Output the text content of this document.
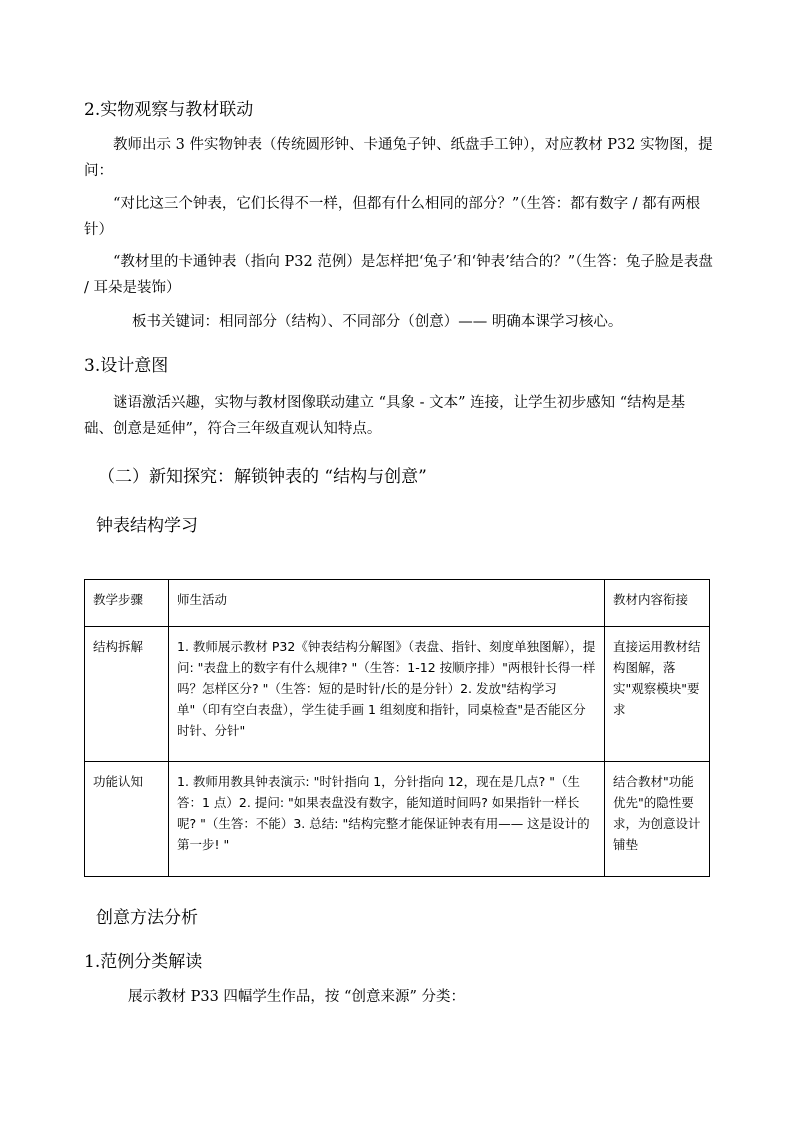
2.实物观察与教材联动
教师出示 3 件实物钟表（传统圆形钟、卡通兔子钟、纸盘手工钟），对应教材 P32 实物图，提问：
“对比这三个钟表，它们长得不一样，但都有什么相同的部分？”（生答：都有数字 / 都有两根针）
“教材里的卡通钟表（指向 P32 范例）是怎样把‘兔子’和‘钟表’结合的？”（生答：兔子脸是表盘 / 耳朵是装饰）
板书关键词：相同部分（结构）、不同部分（创意）—— 明确本课学习核心。
3.设计意图
谜语激活兴趣，实物与教材图像联动建立 “具象 - 文本” 连接，让学生初步感知 “结构是基础、创意是延伸”，符合三年级直观认知特点。
（二）新知探究：解锁钟表的 “结构与创意”
钟表结构学习
教学步骤	师生活动	教材内容衔接
结构拆解	1. 教师展示教材 P32《钟表结构分解图》（表盘、指针、刻度单独图解），提问: "表盘上的数字有什么规律? "（生答：1-12 按顺序排）"两根针长得一样吗？怎样区分? "（生答：短的是时针/长的是分针）2. 发放"结构学习单"（印有空白表盘），学生徒手画 1 组刻度和指针，同桌检查"是否能区分时针、分针"	直接运用教材结构图解，落实"观察模块"要求
功能认知	1. 教师用教具钟表演示: "时针指向 1，分针指向 12，现在是几点? "（生答：1 点）2. 提问: "如果表盘没有数字，能知道时间吗? 如果指针一样长呢? "（生答：不能）3. 总结: "结构完整才能保证钟表有用—— 这是设计的第一步! "	结合教材"功能优先"的隐性要求，为创意设计铺垫
创意方法分析
1.范例分类解读
展示教材 P33 四幅学生作品，按 “创意来源” 分类：
